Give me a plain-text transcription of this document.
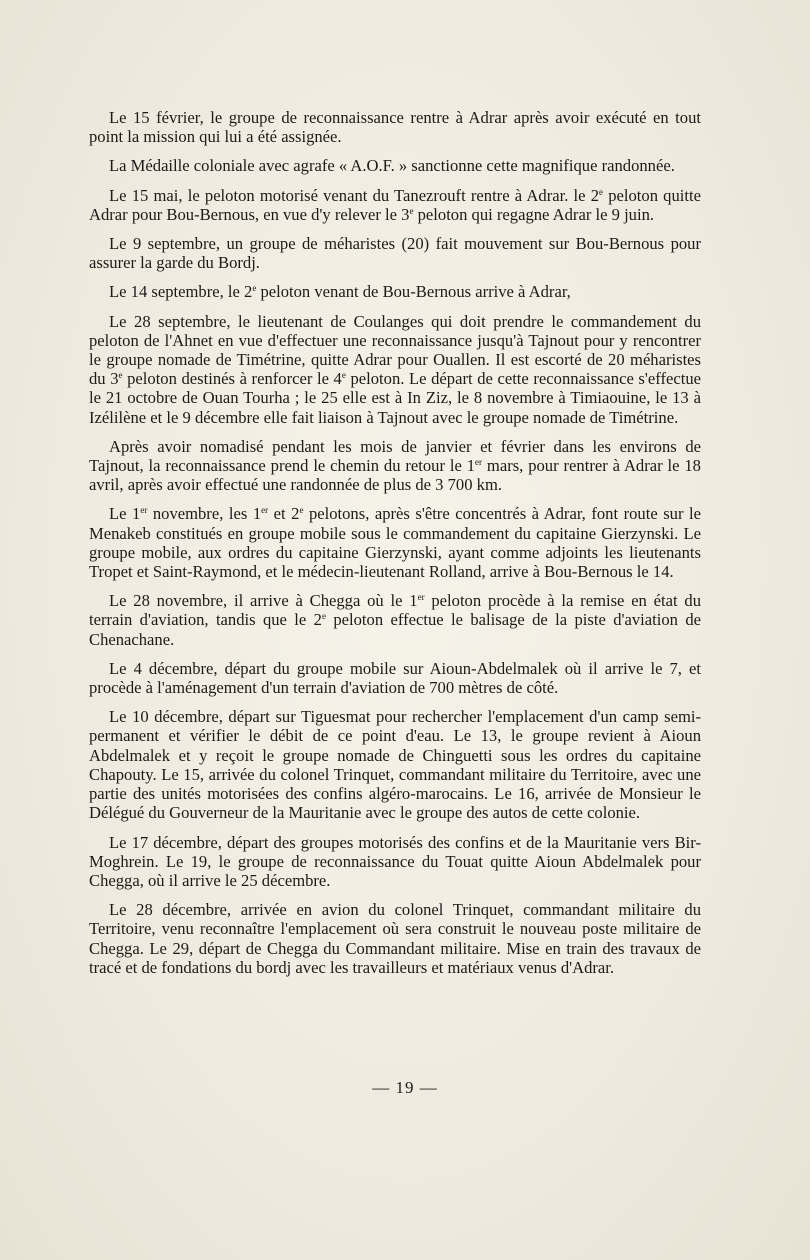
Le 15 février, le groupe de reconnaissance rentre à Adrar après avoir exécuté en tout point la mission qui lui a été assignée.

La Médaille coloniale avec agrafe « A.O.F. » sanctionne cette magnifique randonnée.

Le 15 mai, le peloton motorisé venant du Tanezrouft rentre à Adrar. le 2e peloton quitte Adrar pour Bou-Bernous, en vue d'y relever le 3e peloton qui regagne Adrar le 9 juin.

Le 9 septembre, un groupe de méharistes (20) fait mouvement sur Bou-Bernous pour assurer la garde du Bordj.

Le 14 septembre, le 2e peloton venant de Bou-Bernous arrive à Adrar,

Le 28 septembre, le lieutenant de Coulanges qui doit prendre le commandement du peloton de l'Ahnet en vue d'effectuer une reconnaissance jusqu'à Tajnout pour y rencontrer le groupe nomade de Timétrine, quitte Adrar pour Ouallen. Il est escorté de 20 méharistes du 3e peloton destinés à renforcer le 4e peloton. Le départ de cette reconnaissance s'effectue le 21 octobre de Ouan Tourha ; le 25 elle est à In Ziz, le 8 novembre à Timiaouine, le 13 à Izélilène et le 9 décembre elle fait liaison à Tajnout avec le groupe nomade de Timétrine.

Après avoir nomadisé pendant les mois de janvier et février dans les environs de Tajnout, la reconnaissance prend le chemin du retour le 1er mars, pour rentrer à Adrar le 18 avril, après avoir effectué une randonnée de plus de 3 700 km.

Le 1er novembre, les 1er et 2e pelotons, après s'être concentrés à Adrar, font route sur le Menakeb constitués en groupe mobile sous le commandement du capitaine Gierzynski. Le groupe mobile, aux ordres du capitaine Gierzynski, ayant comme adjoints les lieutenants Tropet et Saint-Raymond, et le médecin-lieutenant Rolland, arrive à Bou-Bernous le 14.

Le 28 novembre, il arrive à Chegga où le 1er peloton procède à la remise en état du terrain d'aviation, tandis que le 2e peloton effectue le balisage de la piste d'aviation de Chenachane.

Le 4 décembre, départ du groupe mobile sur Aioun-Abdelmalek où il arrive le 7, et procède à l'aménagement d'un terrain d'aviation de 700 mètres de côté.

Le 10 décembre, départ sur Tiguesmat pour rechercher l'emplacement d'un camp semi-permanent et vérifier le débit de ce point d'eau. Le 13, le groupe revient à Aioun Abdelmalek et y reçoit le groupe nomade de Chinguetti sous les ordres du capitaine Chapouty. Le 15, arrivée du colonel Trinquet, commandant militaire du Territoire, avec une partie des unités motorisées des confins algéro-marocains. Le 16, arrivée de Monsieur le Délégué du Gouverneur de la Mauritanie avec le groupe des autos de cette colonie.

Le 17 décembre, départ des groupes motorisés des confins et de la Mauritanie vers Bir-Moghrein. Le 19, le groupe de reconnaissance du Touat quitte Aioun Abdelmalek pour Chegga, où il arrive le 25 décembre.

Le 28 décembre, arrivée en avion du colonel Trinquet, commandant militaire du Territoire, venu reconnaître l'emplacement où sera construit le nouveau poste militaire de Chegga. Le 29, départ de Chegga du Commandant militaire. Mise en train des travaux de tracé et de fondations du bordj avec les travailleurs et matériaux venus d'Adrar.

— 19 —
